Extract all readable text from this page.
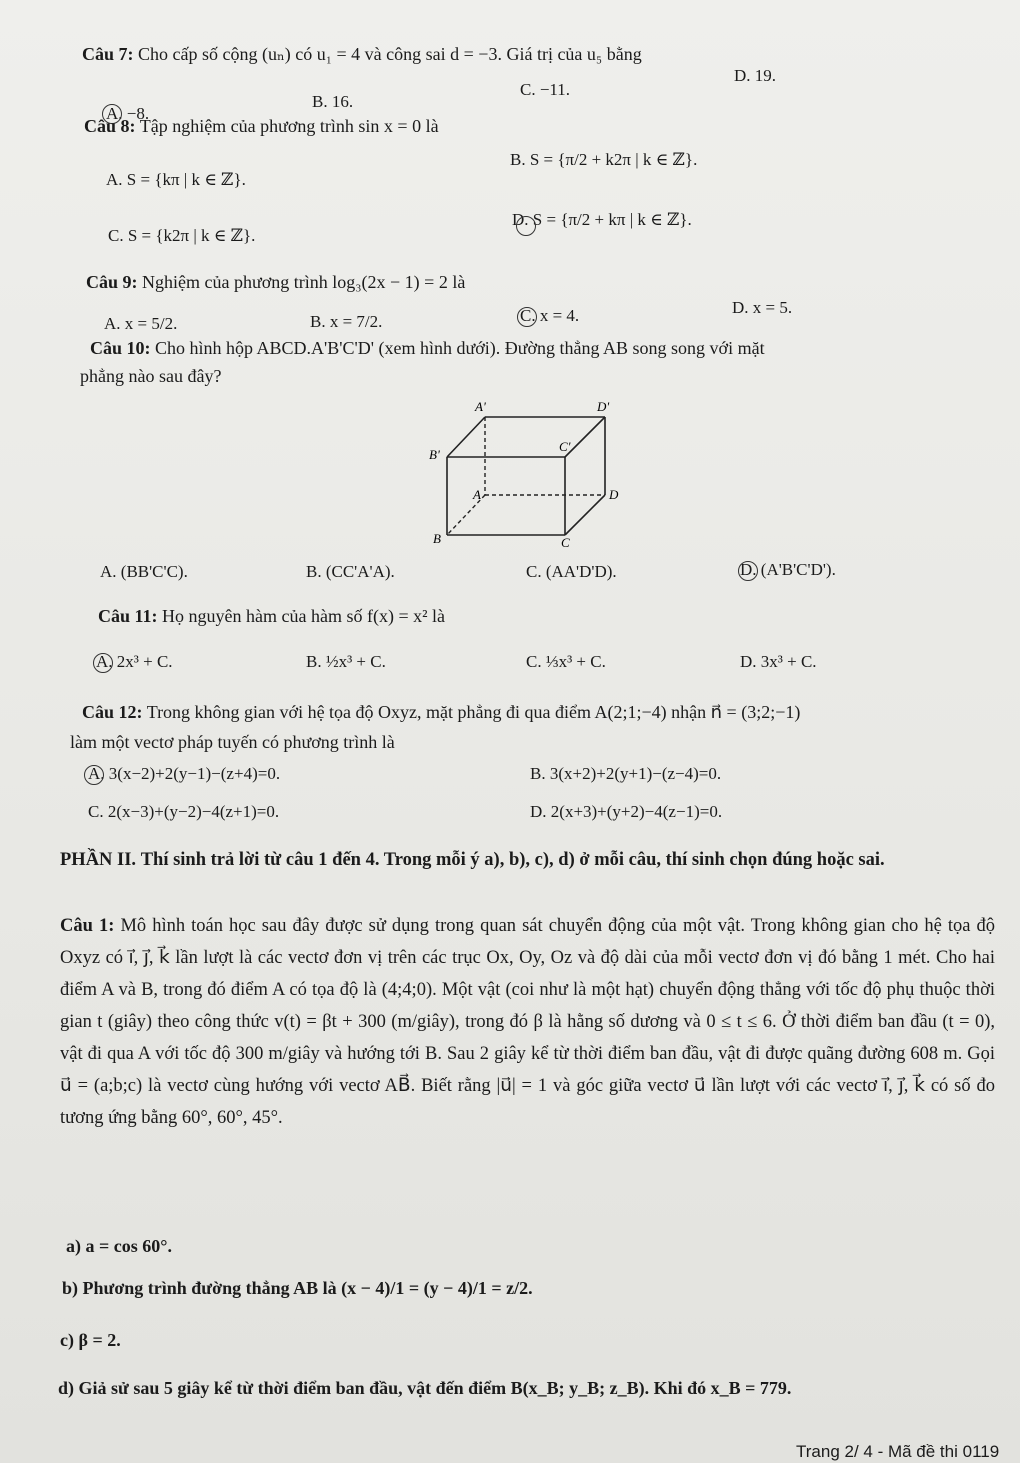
Câu 7: Cho cấp số cộng (uₙ) có u₁ = 4 và công sai d = −3. Giá trị của u₅ bằng
A. −8.
B. 16.
C. −11.
D. 19.
Câu 8: Tập nghiệm của phương trình sin x = 0 là
A. S = {kπ | k ∈ ℤ}.
B. S = {π/2 + k2π | k ∈ ℤ}.
C. S = {k2π | k ∈ ℤ}.
D. S = {π/2 + kπ | k ∈ ℤ}.
Câu 9: Nghiệm của phương trình log₃(2x − 1) = 2 là
A. x = 5/2.	B. x = 7/2.	C. x = 4.	D. x = 5.
Câu 10: Cho hình hộp ABCD.A'B'C'D' (xem hình dưới). Đường thẳng AB song song với mặt
phẳng nào sau đây?
A'	D'
B'
C'
A	D
B	C
A. (BB'C'C).	B. (CC'A'A).	C. (AA'D'D).	D. (A'B'C'D').
Câu 11: Họ nguyên hàm của hàm số f(x) = x² là
A. 2x³ + C.	B. ½x³ + C.	C. ⅓x³ + C.	D. 3x³ + C.
Câu 12: Trong không gian với hệ tọa độ Oxyz, mặt phẳng đi qua điểm A(2;1;−4) nhận n⃗ = (3;2;−1)
làm một vectơ pháp tuyến có phương trình là
A. 3(x−2)+2(y−1)−(z+4)=0.	B. 3(x+2)+2(y+1)−(z−4)=0.
C. 2(x−3)+(y−2)−4(z+1)=0.	D. 2(x+3)+(y+2)−4(z−1)=0.
PHẦN II. Thí sinh trả lời từ câu 1 đến 4. Trong mỗi ý a), b), c), d) ở mỗi câu, thí sinh chọn đúng hoặc sai.
Câu 1: Mô hình toán học sau đây được sử dụng trong quan sát chuyển động của một vật. Trong không gian cho hệ tọa độ Oxyz có i⃗, j⃗, k⃗ lần lượt là các vectơ đơn vị trên các trục Ox, Oy, Oz và độ dài của mỗi vectơ đơn vị đó bằng 1 mét. Cho hai điểm A và B, trong đó điểm A có tọa độ là (4;4;0). Một vật (coi như là một hạt) chuyển động thẳng với tốc độ phụ thuộc thời gian t (giây) theo công thức v(t) = βt + 300 (m/giây), trong đó β là hằng số dương và 0 ≤ t ≤ 6. Ở thời điểm ban đầu (t = 0), vật đi qua A với tốc độ 300 m/giây và hướng tới B. Sau 2 giây kể từ thời điểm ban đầu, vật đi được quãng đường 608 m. Gọi u⃗ = (a;b;c) là vectơ cùng hướng với vectơ AB⃗. Biết rằng |u⃗| = 1 và góc giữa vectơ u⃗ lần lượt với các vectơ i⃗, j⃗, k⃗ có số đo tương ứng bằng 60°, 60°, 45°.
a) a = cos 60°.
b) Phương trình đường thẳng AB là (x − 4)/1 = (y − 4)/1 = z/2.
c) β = 2.
d) Giả sử sau 5 giây kể từ thời điểm ban đầu, vật đến điểm B(x_B; y_B; z_B). Khi đó x_B = 779.
Trang 2/ 4 - Mã đề thi 0119
